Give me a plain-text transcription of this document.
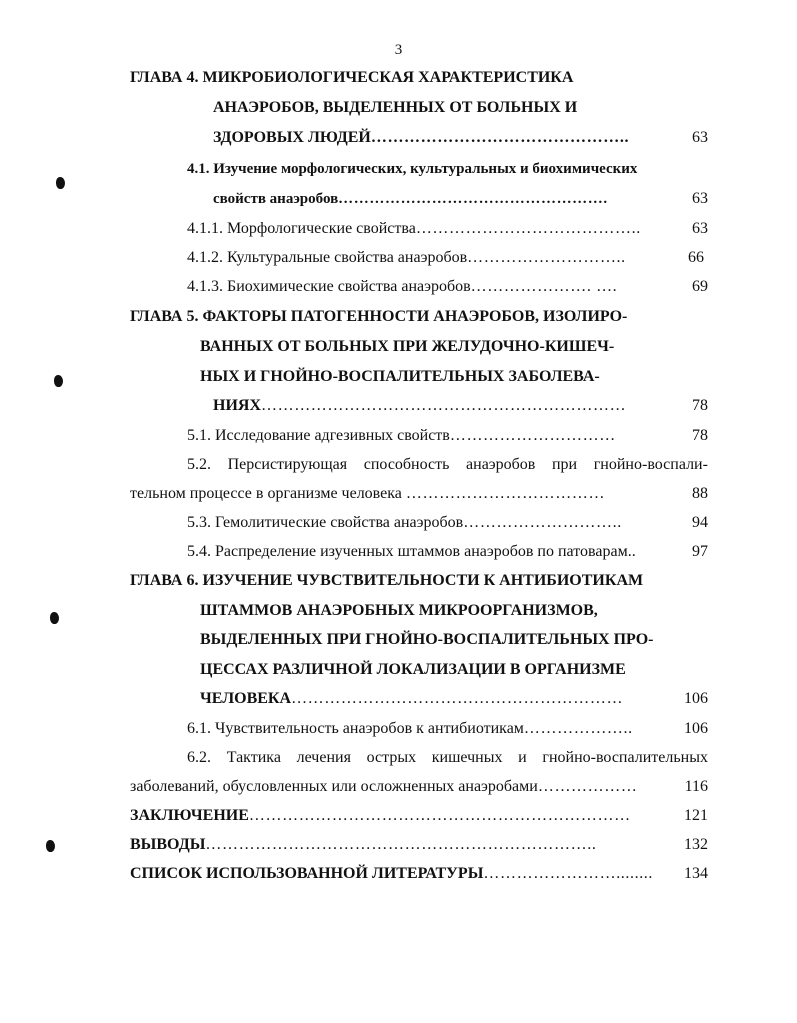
3
ГЛАВА 4. МИКРОБИОЛОГИЧЕСКАЯ ХАРАКТЕРИСТИКА
АНАЭРОБОВ, ВЫДЕЛЕННЫХ ОТ БОЛЬНЫХ И
ЗДОРОВЫХ ЛЮДЕЙ………………………………………..	63
4.1. Изучение морфологических, культуральных и биохимических
свойств анаэробов…………………………………………….	63
4.1.1. Морфологические свойства…………………………………..	63
4.1.2. Культуральные свойства анаэробов………………………..	66
4.1.3. Биохимические свойства анаэробов…………………. ….	69
ГЛАВА 5. ФАКТОРЫ ПАТОГЕННОСТИ АНАЭРОБОВ, ИЗОЛИРО-
ВАННЫХ ОТ БОЛЬНЫХ ПРИ ЖЕЛУДОЧНО-КИШЕЧ-
НЫХ И ГНОЙНО-ВОСПАЛИТЕЛЬНЫХ ЗАБОЛЕВА-
НИЯХ…………………………………………………………	78
5.1. Исследование адгезивных свойств…………………………	78
5.2. Персистирующая способность анаэробов при гнойно-воспали-
тельном процессе в организме человека ………………………………	88
5.3. Гемолитические свойства анаэробов………………………..	94
5.4. Распределение изученных штаммов анаэробов по патоварам..	97
ГЛАВА 6. ИЗУЧЕНИЕ ЧУВСТВИТЕЛЬНОСТИ К АНТИБИОТИКАМ
ШТАММОВ АНАЭРОБНЫХ МИКРООРГАНИЗМОВ,
ВЫДЕЛЕННЫХ ПРИ ГНОЙНО-ВОСПАЛИТЕЛЬНЫХ ПРО-
ЦЕССАХ РАЗЛИЧНОЙ ЛОКАЛИЗАЦИИ В ОРГАНИЗМЕ
ЧЕЛОВЕКА……………………………………………………	106
6.1. Чувствительность анаэробов к антибиотикам………………..	106
6.2. Тактика лечения острых кишечных и гнойно-воспалительных
заболеваний, обусловленных или осложненных анаэробами………………	116
ЗАКЛЮЧЕНИЕ……………………………………………………………	121
ВЫВОДЫ……………………………………………………………..	132
СПИСОК ИСПОЛЬЗОВАННОЙ ЛИТЕРАТУРЫ……………………........	134
